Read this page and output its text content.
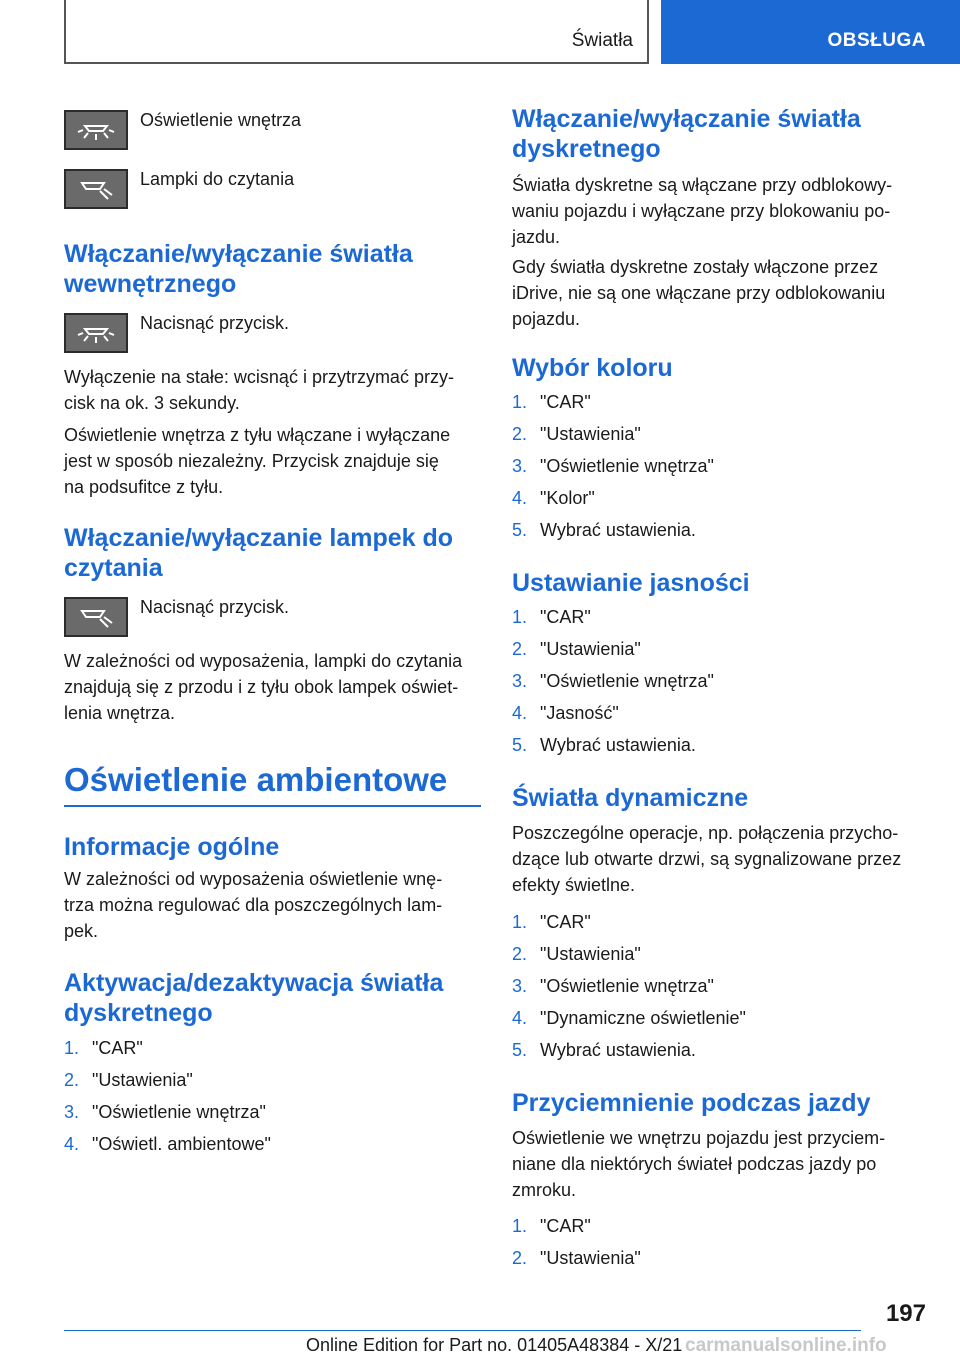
Światła	OBSŁUGA
Oświetlenie wnętrza
Lampki do czytania
Włączanie/wyłączanie światła
wewnętrznego
Nacisnąć przycisk.
Wyłączenie na stałe: wcisnąć i przytrzymać przy‐
cisk na ok. 3 sekundy.
Oświetlenie wnętrza z tyłu włączane i wyłączane
jest w sposób niezależny. Przycisk znajduje się
na podsufitce z tyłu.
Włączanie/wyłączanie lampek do
czytania
Nacisnąć przycisk.
W zależności od wyposażenia, lampki do czytania
znajdują się z przodu i z tyłu obok lampek oświet‐
lenia wnętrza.
Oświetlenie ambientowe
Informacje ogólne
W zależności od wyposażenia oświetlenie wnę‐
trza można regulować dla poszczególnych lam‐
pek.
Aktywacja/dezaktywacja światła
dyskretnego
1. "CAR"
2. "Ustawienia"
3. "Oświetlenie wnętrza"
4. "Oświetl. ambientowe"
Włączanie/wyłączanie światła
dyskretnego
Światła dyskretne są włączane przy odblokowy‐
waniu pojazdu i wyłączane przy blokowaniu po‐
jazdu.
Gdy światła dyskretne zostały włączone przez
iDrive, nie są one włączane przy odblokowaniu
pojazdu.
Wybór koloru
1. "CAR"
2. "Ustawienia"
3. "Oświetlenie wnętrza"
4. "Kolor"
5. Wybrać ustawienia.
Ustawianie jasności
1. "CAR"
2. "Ustawienia"
3. "Oświetlenie wnętrza"
4. "Jasność"
5. Wybrać ustawienia.
Światła dynamiczne
Poszczególne operacje, np. połączenia przycho‐
dzące lub otwarte drzwi, są sygnalizowane przez
efekty świetlne.
1. "CAR"
2. "Ustawienia"
3. "Oświetlenie wnętrza"
4. "Dynamiczne oświetlenie"
5. Wybrać ustawienia.
Przyciemnienie podczas jazdy
Oświetlenie we wnętrzu pojazdu jest przyciem‐
niane dla niektórych świateł podczas jazdy po
zmroku.
1. "CAR"
2. "Ustawienia"
197
Online Edition for Part no. 01405A48384 - X/21 carmanualsonline.info
